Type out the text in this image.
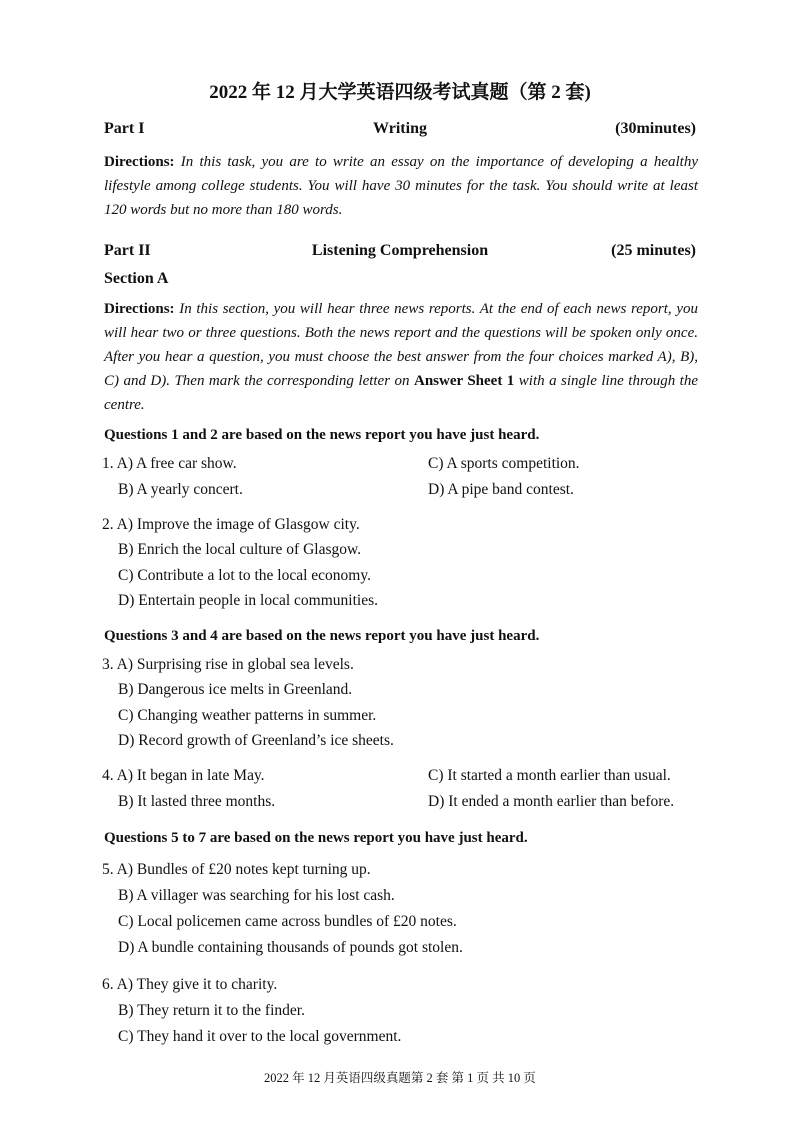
2022 年 12 月大学英语四级考试真题（第 2 套)
Part I	Writing	(30minutes)
Directions: In this task, you are to write an essay on the importance of developing a healthy lifestyle among college students. You will have 30 minutes for the task. You should write at least 120 words but no more than 180 words.
Part II	Listening Comprehension	(25 minutes)
Section A
Directions: In this section, you will hear three news reports. At the end of each news report, you will hear two or three questions. Both the news report and the questions will be spoken only once. After you hear a question, you must choose the best answer from the four choices marked A), B), C) and D). Then mark the corresponding letter on Answer Sheet 1 with a single line through the centre.
Questions 1 and 2 are based on the news report you have just heard.
1. A) A free car show.	C) A sports competition.
B) A yearly concert.	D) A pipe band contest.
2. A) Improve the image of Glasgow city.
B) Enrich the local culture of Glasgow.
C) Contribute a lot to the local economy.
D) Entertain people in local communities.
Questions 3 and 4 are based on the news report you have just heard.
3. A) Surprising rise in global sea levels.
B) Dangerous ice melts in Greenland.
C) Changing weather patterns in summer.
D) Record growth of Greenland’s ice sheets.
4. A) It began in late May.	C) It started a month earlier than usual.
B) It lasted three months.	D) It ended a month earlier than before.
Questions 5 to 7 are based on the news report you have just heard.
5. A) Bundles of £20 notes kept turning up.
B) A villager was searching for his lost cash.
C) Local policemen came across bundles of £20 notes.
D) A bundle containing thousands of pounds got stolen.
6. A) They give it to charity.
B) They return it to the finder.
C) They hand it over to the local government.
2022 年 12 月英语四级真题第 2 套 第 1 页 共 10 页
